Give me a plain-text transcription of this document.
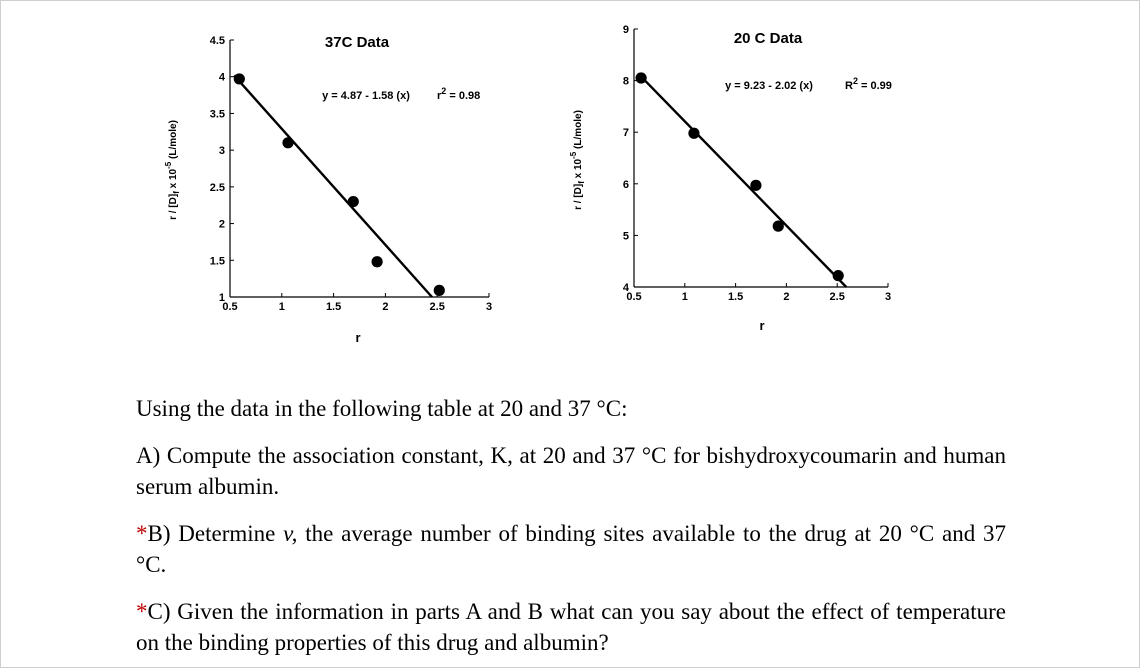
1
1.5
2
2.5
3
3.5
4
4.5
0.5	1	1.5	2	2.5	3
37C Data
y = 4.87 - 1.58 (x) $r^2 = 0.98$
r
r / $[D]_f$ x $10^{-5}$ (L/mole)
4
5
6
7
8
9
0.5	1	1.5	2	2.5	3
20 C Data
y = 9.23 - 2.02 (x)	$R^2 = 0.99$
r
r / $[D]_f$ x $10^{-5}$ (L/mole)

Using the data in the following table at 20 and 37 °C:

A) Compute the association constant, K, at 20 and 37 °C for bishydroxycoumarin and human serum albumin.

*B) Determine v, the average number of binding sites available to the drug at 20 °C and 37 °C.

*C) Given the information in parts A and B what can you say about the effect of temperature on the binding properties of this drug and albumin?
